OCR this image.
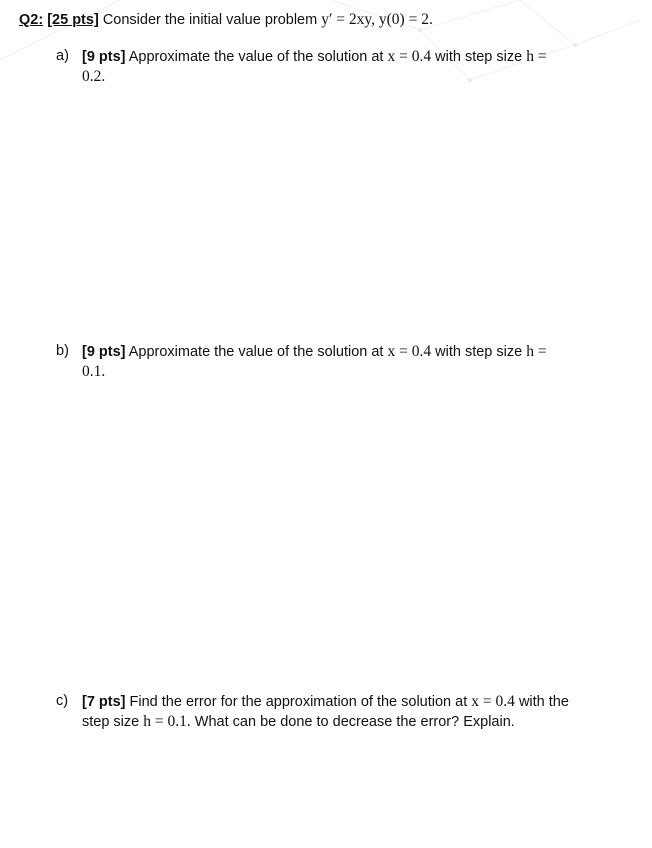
Q2: [25 pts] Consider the initial value problem y′ = 2xy, y(0) = 2.
a) [9 pts] Approximate the value of the solution at x = 0.4 with step size h =
0.2.
b) [9 pts] Approximate the value of the solution at x = 0.4 with step size h =
0.1.
c) [7 pts] Find the error for the approximation of the solution at x = 0.4 with the
step size h = 0.1. What can be done to decrease the error? Explain.
